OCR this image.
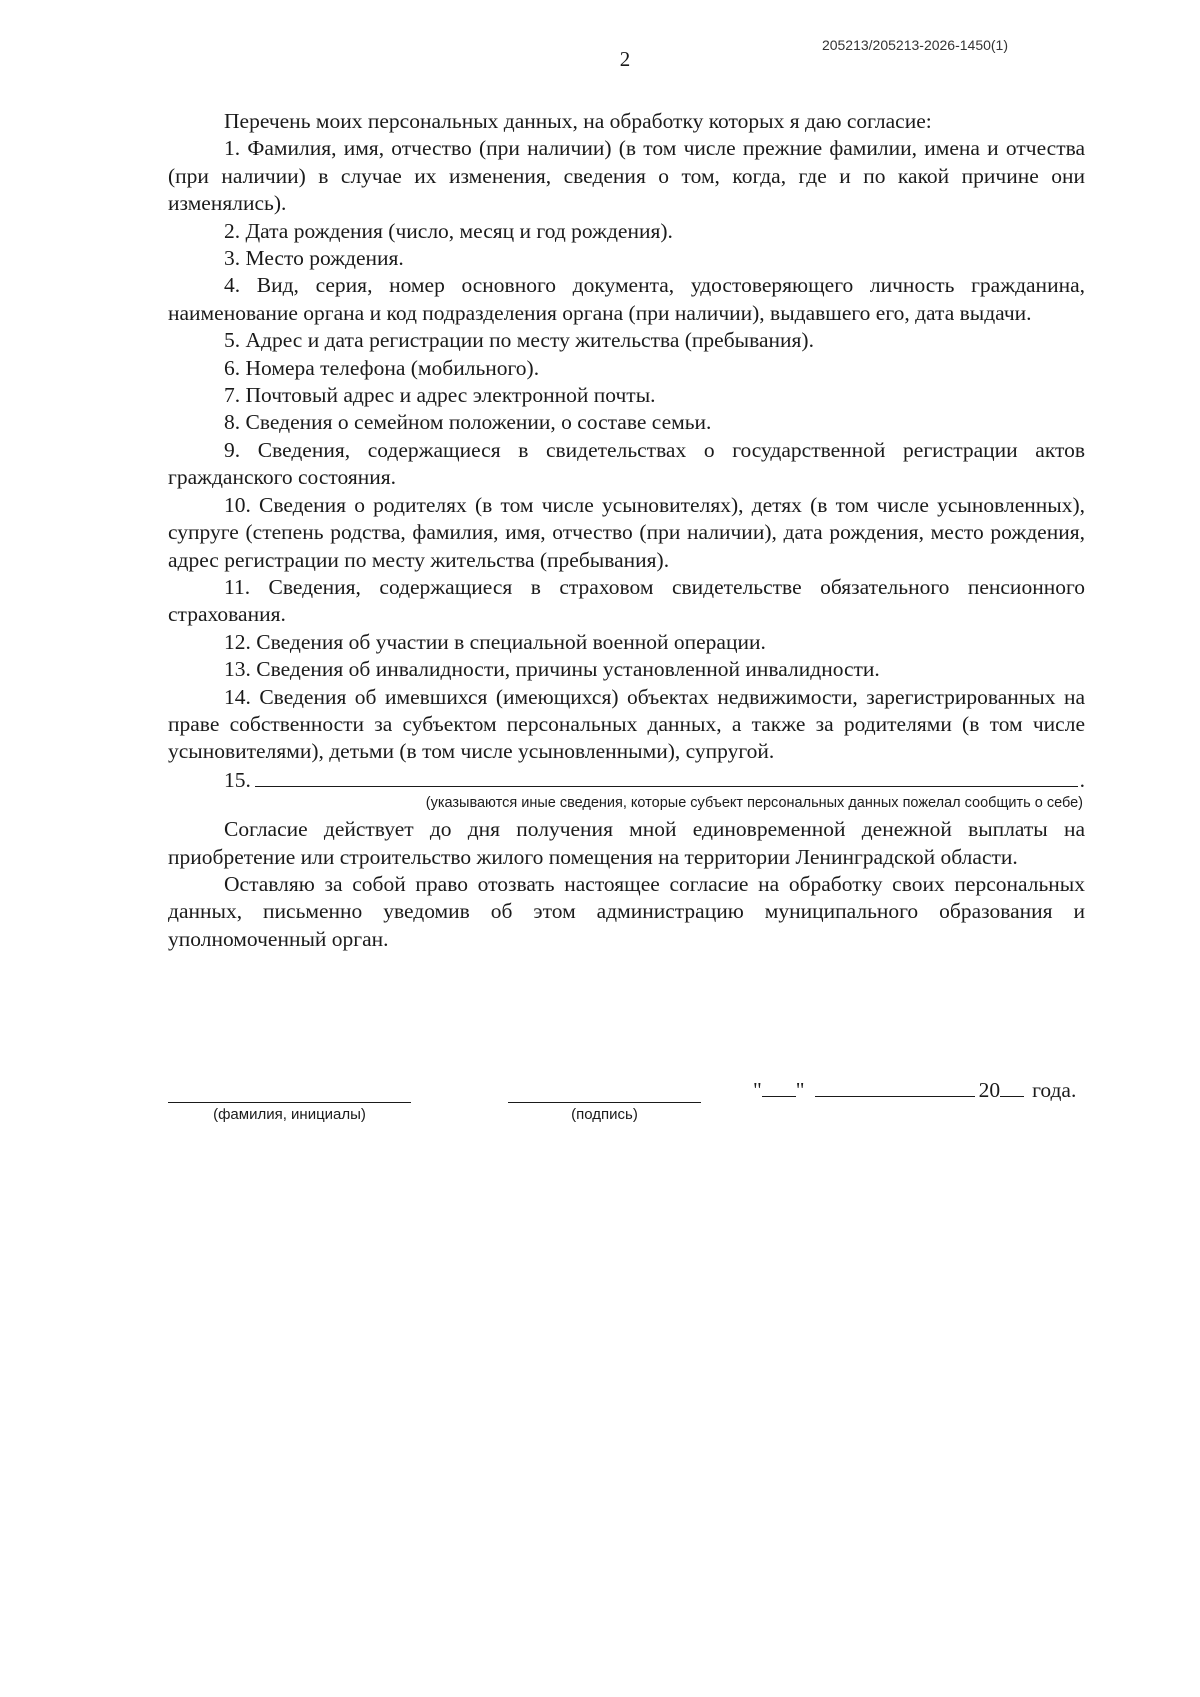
205213/205213-2026-1450(1)
2

Перечень моих персональных данных, на обработку которых я даю согласие:

1. Фамилия, имя, отчество (при наличии) (в том числе прежние фамилии, имена и отчества (при наличии) в случае их изменения, сведения о том, когда, где и по какой причине они изменялись).

2. Дата рождения (число, месяц и год рождения).

3. Место рождения.

4. Вид, серия, номер основного документа, удостоверяющего личность гражданина, наименование органа и код подразделения органа (при наличии), выдавшего его, дата выдачи.

5. Адрес и дата регистрации по месту жительства (пребывания).

6. Номера телефона (мобильного).

7. Почтовый адрес и адрес электронной почты.

8. Сведения о семейном положении, о составе семьи.

9. Сведения, содержащиеся в свидетельствах о государственной регистрации актов гражданского состояния.

10. Сведения о родителях (в том числе усыновителях), детях (в том числе усыновленных), супруге (степень родства, фамилия, имя, отчество (при наличии), дата рождения, место рождения, адрес регистрации по месту жительства (пребывания).

11. Сведения, содержащиеся в страховом свидетельстве обязательного пенсионного страхования.

12. Сведения об участии в специальной военной операции.

13. Сведения об инвалидности, причины установленной инвалидности.

14. Сведения об имевшихся (имеющихся) объектах недвижимости, зарегистрированных на праве собственности за субъектом персональных данных, а также за родителями (в том числе усыновителями), детьми (в том числе усыновленными), супругой.

15.	.
(указываются иные сведения, которые субъект персональных данных пожелал сообщить о себе)

Согласие действует до дня получения мной единовременной денежной выплаты на приобретение или строительство жилого помещения на территории Ленинградской области.

Оставляю за собой право отозвать настоящее согласие на обработку своих персональных данных, письменно уведомив об этом администрацию муниципального образования и уполномоченный орган.

(фамилия, инициалы)	(подпись)
" "	20 года.
